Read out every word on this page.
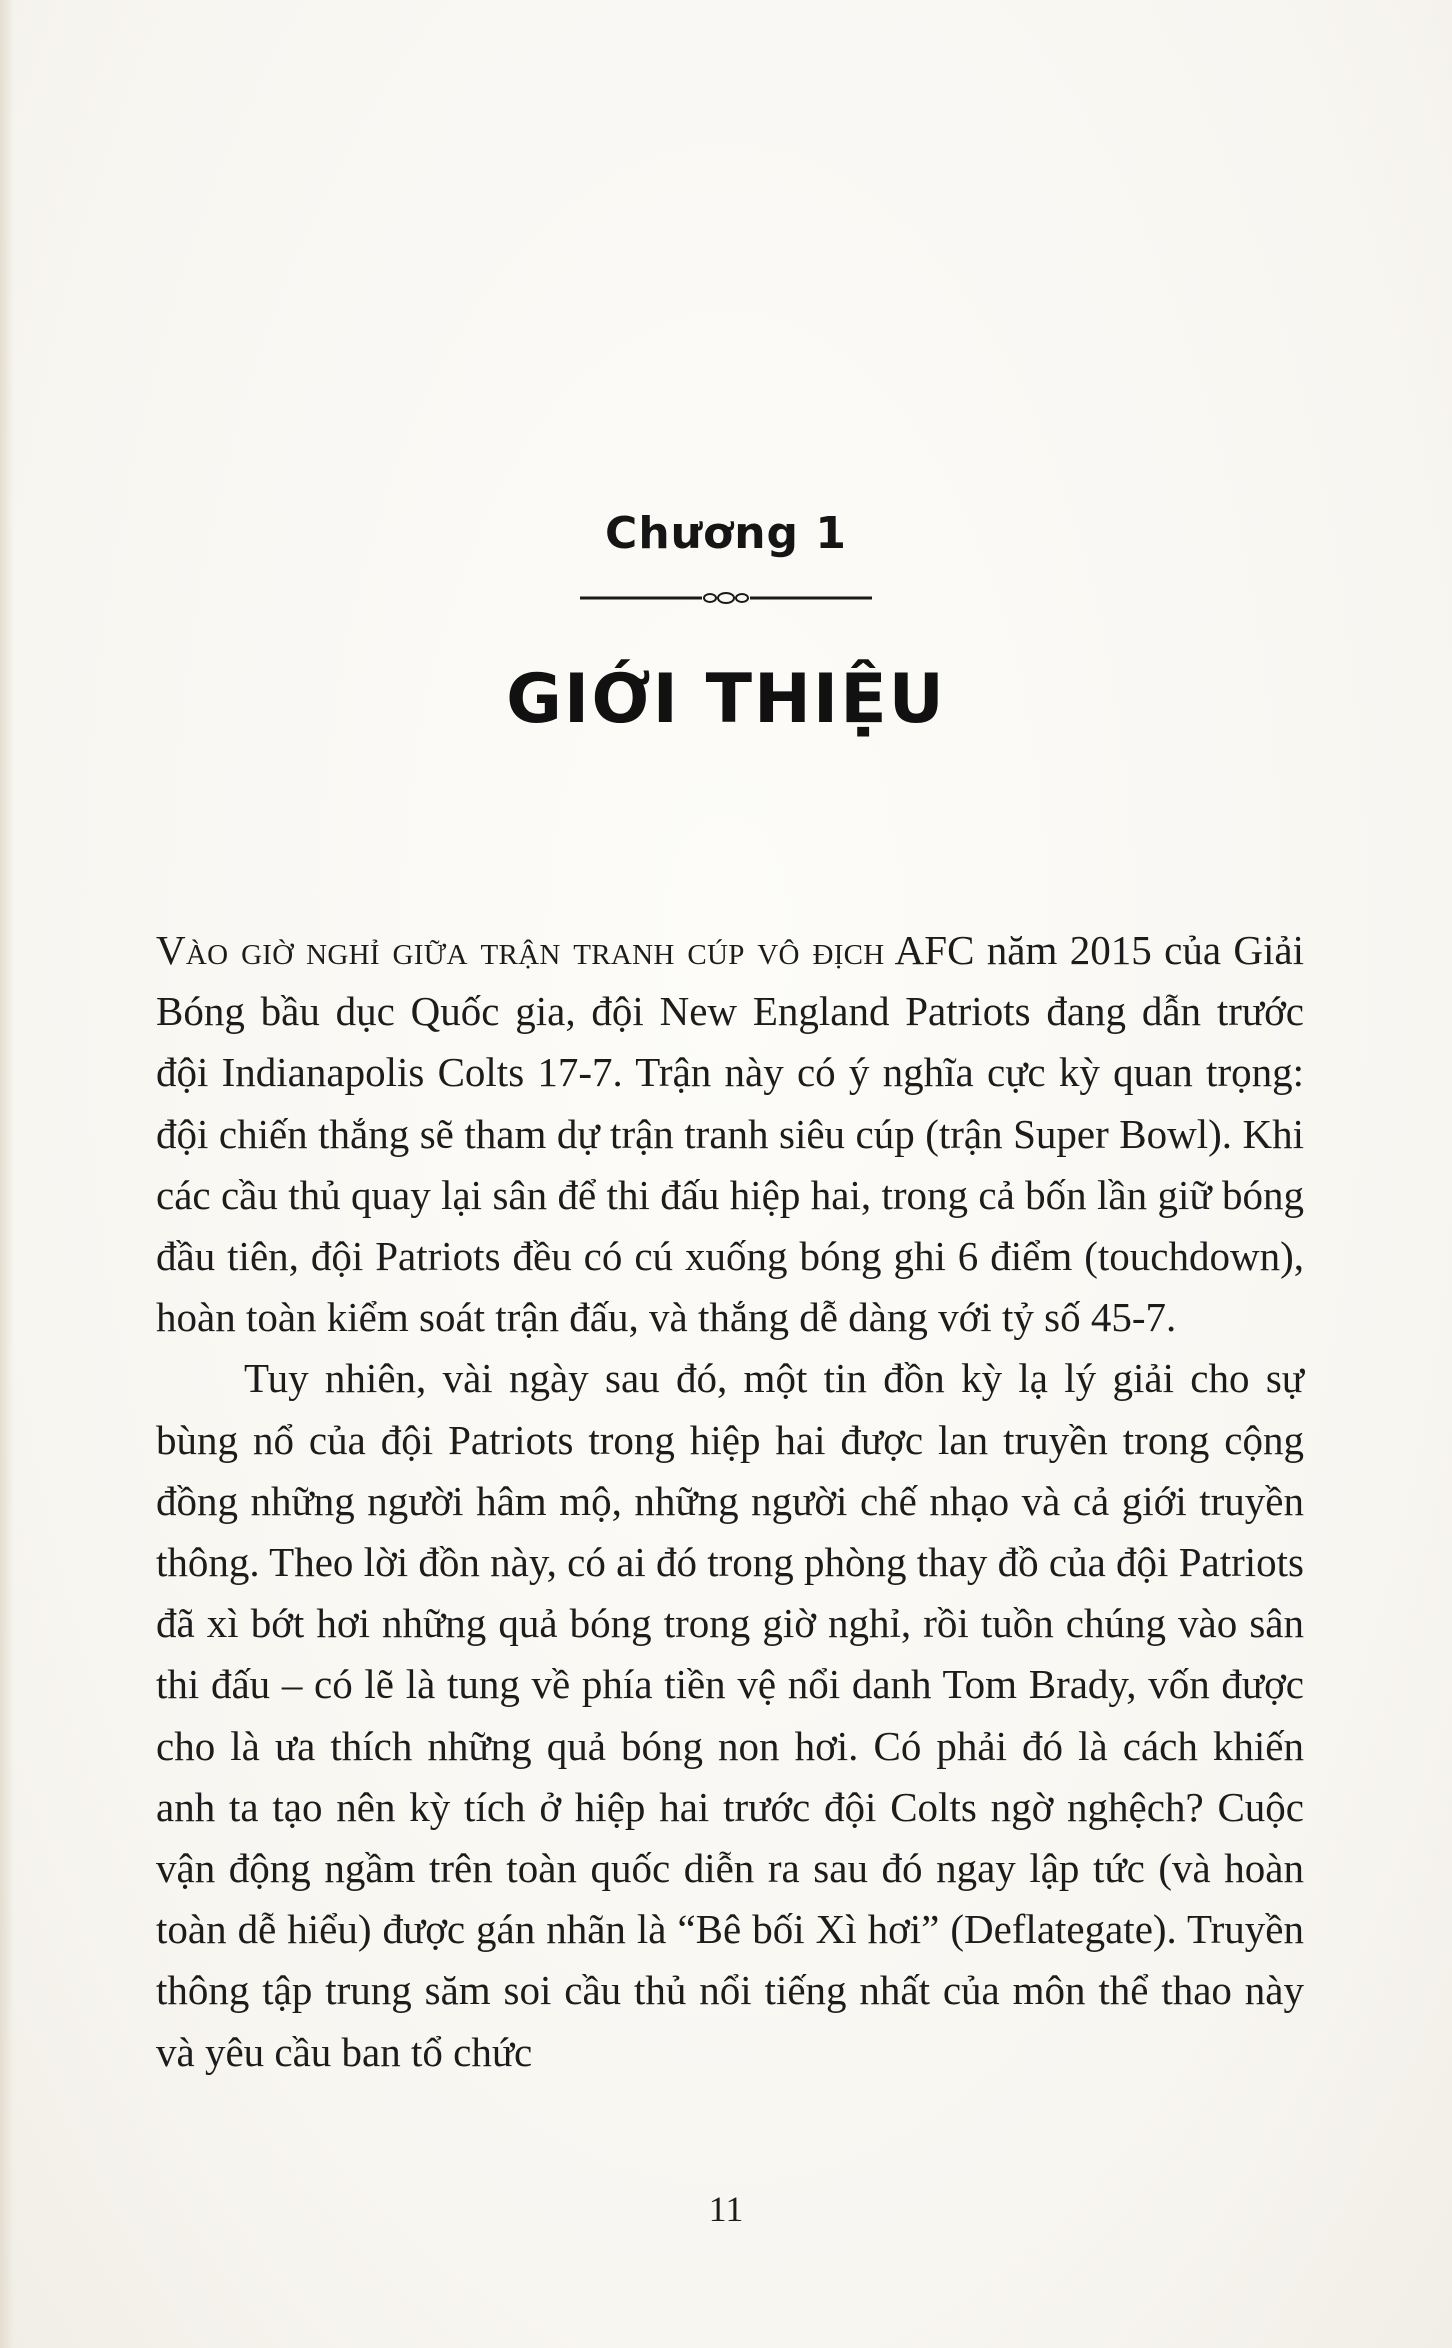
Chương 1
GIỚI THIỆU

Vào giờ nghỉ giữa trận tranh cúp vô địch AFC năm 2015 của Giải Bóng bầu dục Quốc gia, đội New England Patriots đang dẫn trước đội Indianapolis Colts 17-7. Trận này có ý nghĩa cực kỳ quan trọng: đội chiến thắng sẽ tham dự trận tranh siêu cúp (trận Super Bowl). Khi các cầu thủ quay lại sân để thi đấu hiệp hai, trong cả bốn lần giữ bóng đầu tiên, đội Patriots đều có cú xuống bóng ghi 6 điểm (touchdown), hoàn toàn kiểm soát trận đấu, và thắng dễ dàng với tỷ số 45-7.

Tuy nhiên, vài ngày sau đó, một tin đồn kỳ lạ lý giải cho sự bùng nổ của đội Patriots trong hiệp hai được lan truyền trong cộng đồng những người hâm mộ, những người chế nhạo và cả giới truyền thông. Theo lời đồn này, có ai đó trong phòng thay đồ của đội Patriots đã xì bớt hơi những quả bóng trong giờ nghỉ, rồi tuồn chúng vào sân thi đấu – có lẽ là tung về phía tiền vệ nổi danh Tom Brady, vốn được cho là ưa thích những quả bóng non hơi. Có phải đó là cách khiến anh ta tạo nên kỳ tích ở hiệp hai trước đội Colts ngờ nghệch? Cuộc vận động ngầm trên toàn quốc diễn ra sau đó ngay lập tức (và hoàn toàn dễ hiểu) được gán nhãn là “Bê bối Xì hơi” (Deflategate). Truyền thông tập trung săm soi cầu thủ nổi tiếng nhất của môn thể thao này và yêu cầu ban tổ chức

11
